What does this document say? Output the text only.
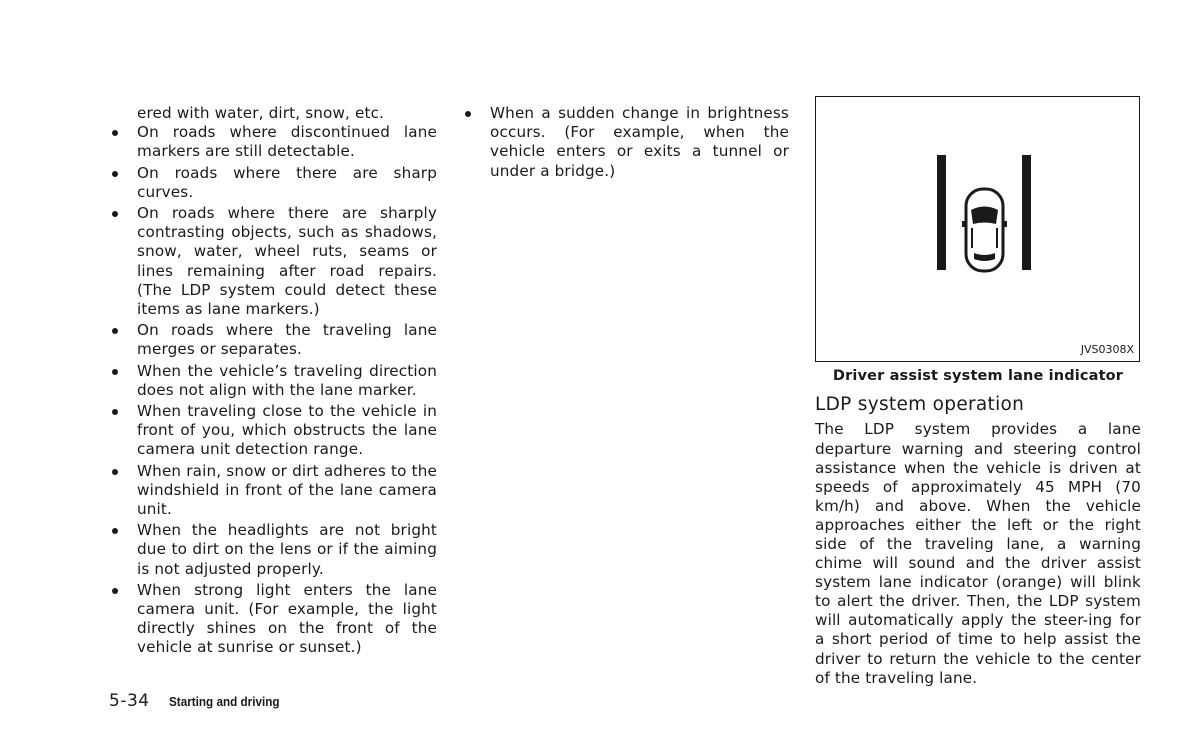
ered with water, dirt, snow, etc.
On roads where discontinued lane markers are still detectable.
On roads where there are sharp curves.
On roads where there are sharply contrasting objects, such as shadows, snow, water, wheel ruts, seams or lines remaining after road repairs. (The LDP system could detect these items as lane markers.)
On roads where the traveling lane merges or separates.
When the vehicle’s traveling direction does not align with the lane marker.
When traveling close to the vehicle in front of you, which obstructs the lane camera unit detection range.
When rain, snow or dirt adheres to the windshield in front of the lane camera unit.
When the headlights are not bright due to dirt on the lens or if the aiming is not adjusted properly.
When strong light enters the lane camera unit. (For example, the light directly shines on the front of the vehicle at sunrise or sunset.)
When a sudden change in brightness occurs. (For example, when the vehicle enters or exits a tunnel or under a bridge.)
JVS0308X
Driver assist system lane indicator
LDP system operation
The LDP system provides a lane departure warning and steering control assistance when the vehicle is driven at speeds of approximately 45 MPH (70 km/h) and above. When the vehicle approaches either the left or the right side of the traveling lane, a warning chime will sound and the driver assist system lane indicator (orange) will blink to alert the driver. Then, the LDP system will automatically apply the steer-ing for a short period of time to help assist the driver to return the vehicle to the center of the traveling lane.
5-34 Starting and driving
